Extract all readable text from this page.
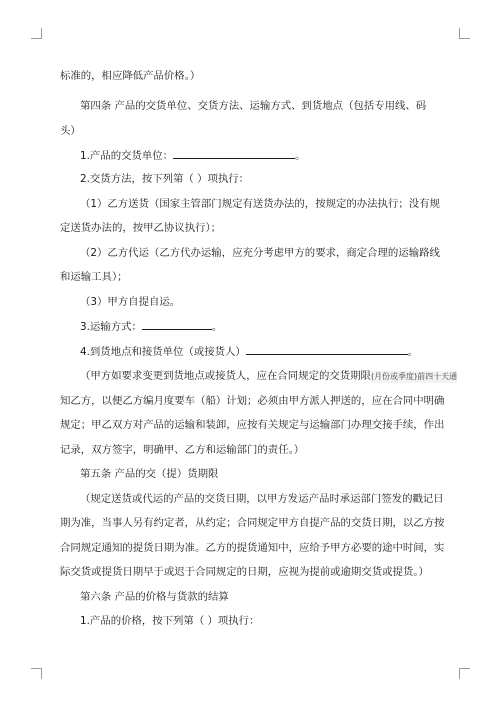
标准的，相应降低产品价格。）
第四条 产品的交货单位、交货方法、运输方式、到货地点（包括专用线、码
头）
1.产品的交货单位：	。
2.交货方法，按下列第（ ）项执行：
（1）乙方送货（国家主管部门规定有送货办法的，按规定的办法执行；没有规
定送货办法的，按甲乙协议执行）；
（2）乙方代运（乙方代办运输，应充分考虑甲方的要求，商定合理的运输路线
和运输工具）；
（3）甲方自提自运。
3.运输方式：	。
4.到货地点和接货单位（或接货人）	。
（甲方如要求变更到货地点或接货人，应在合同规定的交货期限(月份或季度)前四十天通
知乙方，以便乙方编月度要车（船）计划；必须由甲方派人押送的，应在合同中明确
规定；甲乙双方对产品的运输和装卸，应按有关规定与运输部门办理交接手续，作出
记录，双方签字，明确甲、乙方和运输部门的责任。）
第五条 产品的交（提）货期限
（规定送货或代运的产品的交货日期，以甲方发运产品时承运部门签发的戳记日
期为准，当事人另有约定者，从约定；合同规定甲方自提产品的交货日期，以乙方按
合同规定通知的提货日期为准。乙方的提货通知中，应给予甲方必要的途中时间，实
际交货或提货日期早于或迟于合同规定的日期，应视为提前或逾期交货或提货。）
第六条 产品的价格与货款的结算
1.产品的价格，按下列第（ ）项执行：
